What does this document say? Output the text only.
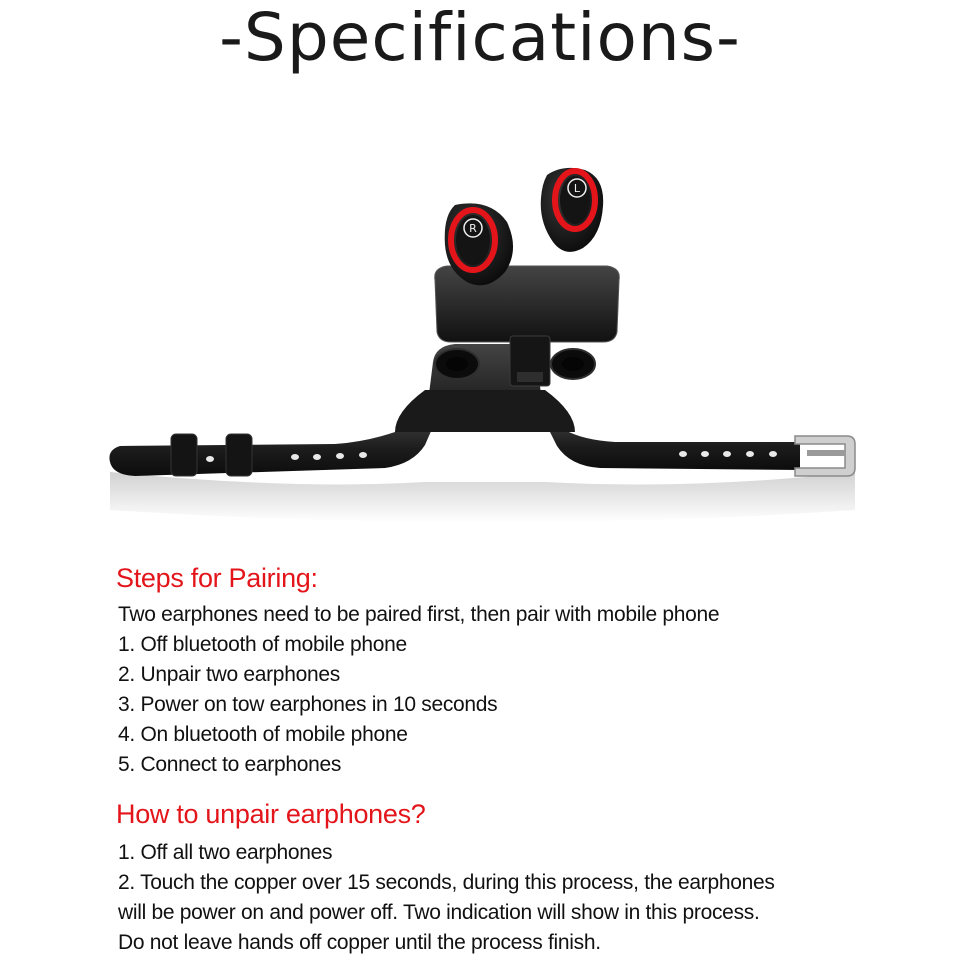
-Specifications-
R
L
Steps for Pairing:
Two earphones need to be paired first, then pair with mobile phone
1. Off bluetooth of mobile phone
2. Unpair two earphones
3. Power on tow earphones in 10 seconds
4. On bluetooth of mobile phone
5. Connect to earphones
How to unpair earphones?
1. Off all two earphones
2. Touch the copper over 15 seconds, during this process, the earphones
will be power on and power off. Two indication will show in this process.
Do not leave hands off copper until the process finish.
